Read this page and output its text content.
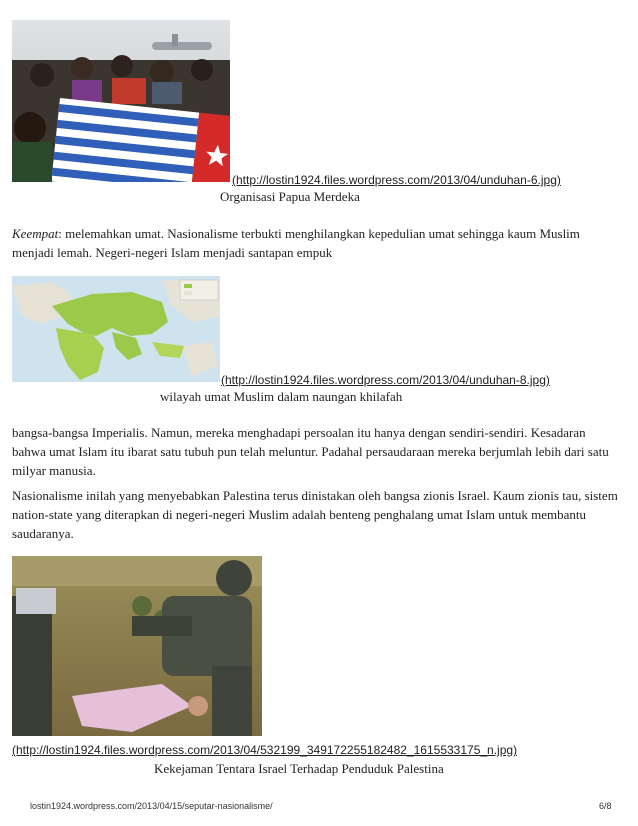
(http://lostin1924.files.wordpress.com/2013/04/unduhan-6.jpg)
Organisasi Papua Merdeka
Keempat: melemahkan umat. Nasionalisme terbukti menghilangkan kepedulian umat sehingga kaum Muslim menjadi lemah. Negeri-negeri Islam menjadi santapan empuk
(http://lostin1924.files.wordpress.com/2013/04/unduhan-8.jpg)
wilayah umat Muslim dalam naungan khilafah
bangsa-bangsa Imperialis. Namun, mereka menghadapi persoalan itu hanya dengan sendiri-sendiri. Kesadaran bahwa umat Islam itu ibarat satu tubuh pun telah meluntur. Padahal persaudaraan mereka berjumlah lebih dari satu milyar manusia.
Nasionalisme inilah yang menyebabkan Palestina terus dinistakan oleh bangsa zionis Israel. Kaum zionis tau, sistem nation-state yang diterapkan di negeri-negeri Muslim adalah benteng penghalang umat Islam untuk membantu saudaranya.
(http://lostin1924.files.wordpress.com/2013/04/532199_349172255182482_1615533175_n.jpg)
Kekejaman Tentara Israel Terhadap Penduduk Palestina
lostin1924.wordpress.com/2013/04/15/seputar-nasionalisme/	6/8
